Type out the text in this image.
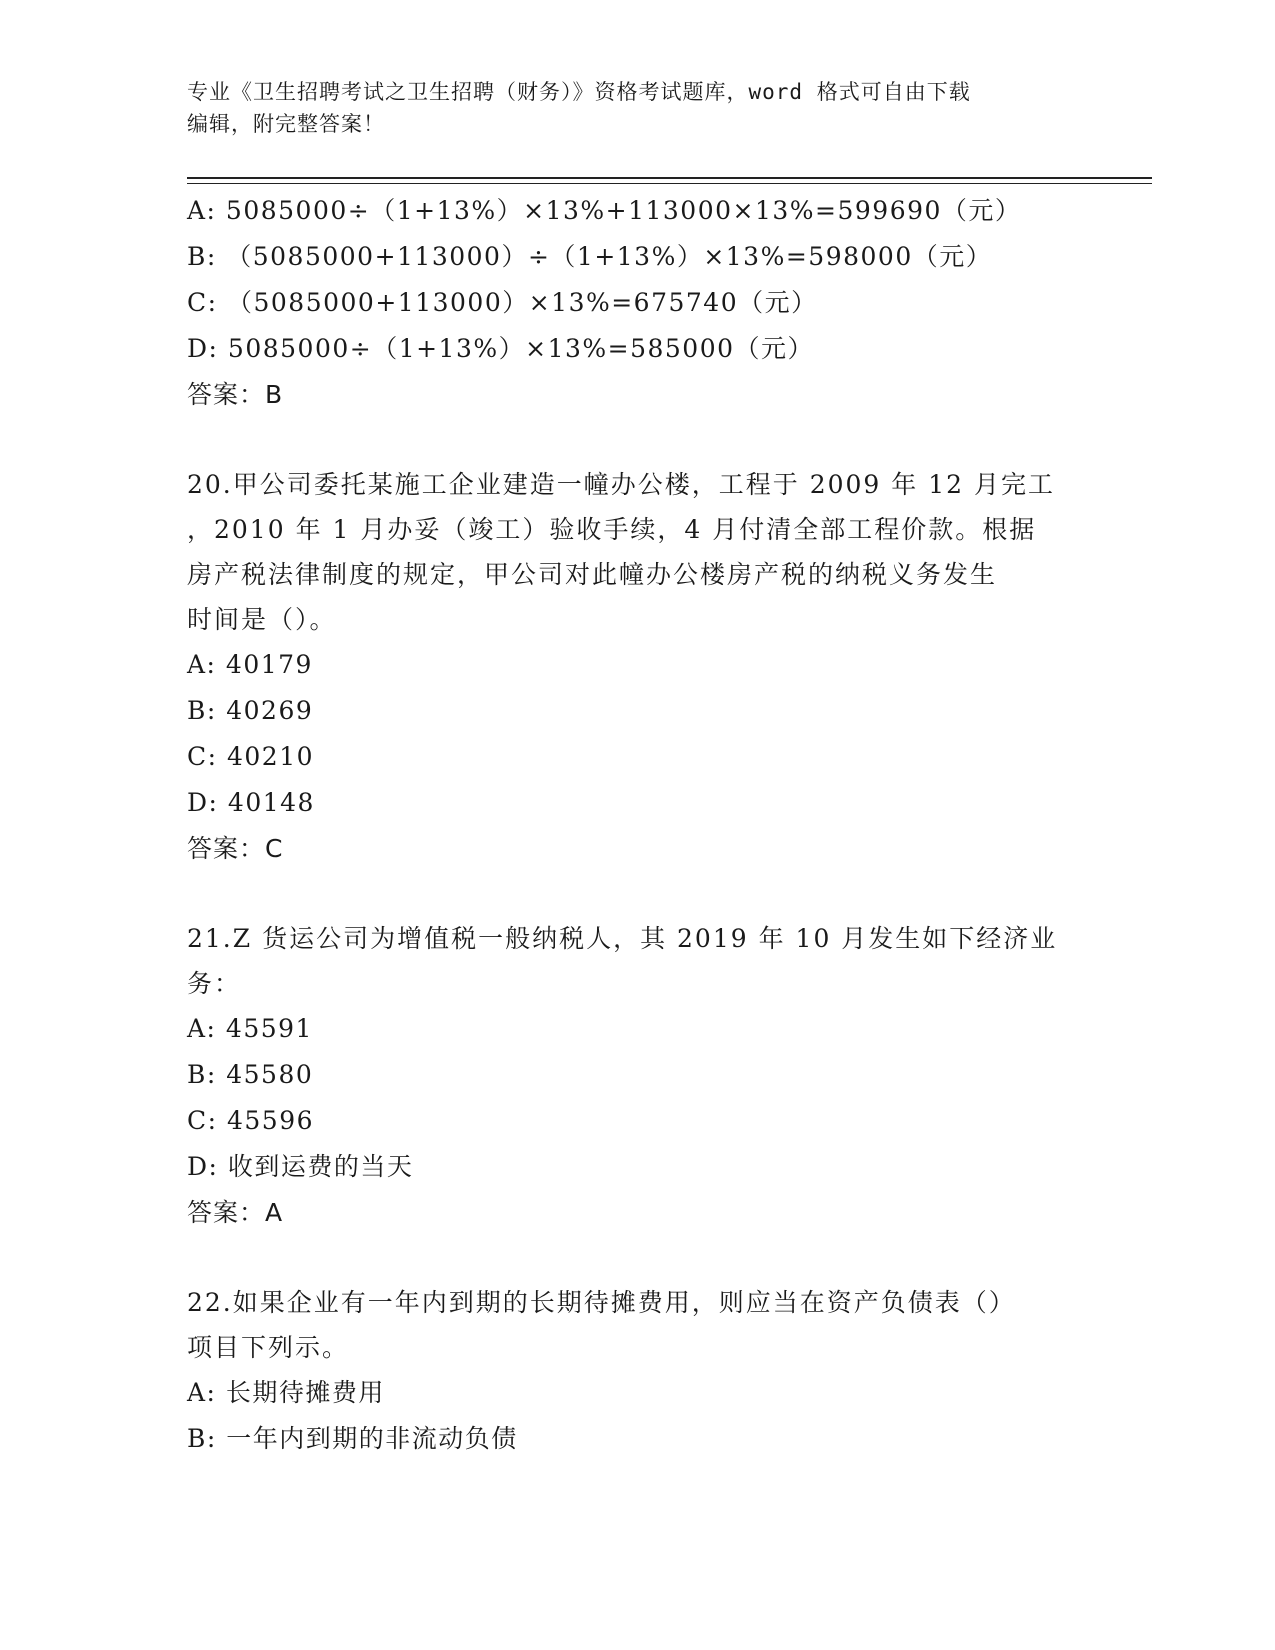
专业《卫生招聘考试之卫生招聘（财务）》资格考试题库，word 格式可自由下载
编辑，附完整答案！
A: 5085000÷（1+13%）×13%+113000×13%=599690（元）
B: （5085000+113000）÷（1+13%）×13%=598000（元）
C: （5085000+113000）×13%=675740（元）
D: 5085000÷（1+13%）×13%=585000（元）
答案：B
20.甲公司委托某施工企业建造一幢办公楼，工程于 2009 年 12 月完工
，2010 年 1 月办妥（竣工）验收手续，4 月付清全部工程价款。根据
房产税法律制度的规定，甲公司对此幢办公楼房产税的纳税义务发生
时间是（）。
A: 40179
B: 40269
C: 40210
D: 40148
答案：C
21.Z 货运公司为增值税一般纳税人，其 2019 年 10 月发生如下经济业
务：
A: 45591
B: 45580
C: 45596
D: 收到运费的当天
答案：A
22.如果企业有一年内到期的长期待摊费用，则应当在资产负债表（）
项目下列示。
A: 长期待摊费用
B: 一年内到期的非流动负债
